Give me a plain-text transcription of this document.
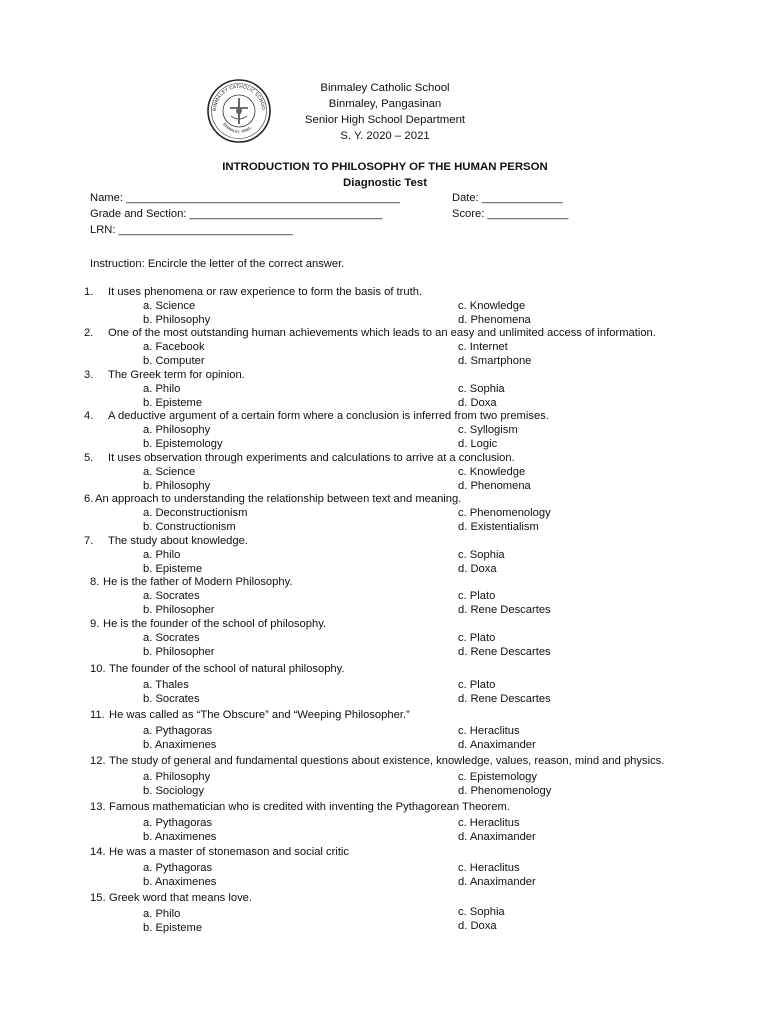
BINMALEY CATHOLIC SCHOO
BINMALEY, PANG.
Binmaley Catholic School
Binmaley, Pangasinan
Senior High School Department
S. Y. 2020 – 2021
INTRODUCTION TO PHILOSOPHY OF THE HUMAN PERSON
Diagnostic Test
Name: ____________________________________________	Date: _____________
Grade and Section: _______________________________	Score: _____________
LRN: ____________________________
Instruction: Encircle the letter of the correct answer.
1. It uses phenomena or raw experience to form the basis of truth.
a. Science
b. Philosophy
c. Knowledge
d. Phenomena
2. One of the most outstanding human achievements which leads to an easy and unlimited access of information.
a. Facebook
b. Computer
c. Internet
d. Smartphone
3. The Greek term for opinion.
a. Philo
b. Episteme
c. Sophia
d. Doxa
4. A deductive argument of a certain form where a conclusion is inferred from two premises.
a. Philosophy
b. Epistemology
c. Syllogism
d. Logic
5. It uses observation through experiments and calculations to arrive at a conclusion.
a. Science
b. Philosophy
c. Knowledge
d. Phenomena
6. An approach to understanding the relationship between text and meaning.
a. Deconstructionism
b. Constructionism
c. Phenomenology
d. Existentialism
7. The study about knowledge.
a. Philo
b. Episteme
c. Sophia
d. Doxa
8. He is the father of Modern Philosophy.
a. Socrates
b. Philosopher
c. Plato
d. Rene Descartes
9. He is the founder of the school of philosophy.
a. Socrates
b. Philosopher
c. Plato
d. Rene Descartes
10. The founder of the school of natural philosophy.
a. Thales
b. Socrates
c. Plato
d. Rene Descartes
11. He was called as “The Obscure” and “Weeping Philosopher.”
a. Pythagoras
b. Anaximenes
c. Heraclitus
d. Anaximander
12. The study of general and fundamental questions about existence, knowledge, values, reason, mind and physics.
a. Philosophy
b. Sociology
c. Epistemology
d. Phenomenology
13. Famous mathematician who is credited with inventing the Pythagorean Theorem.
a. Pythagoras
b. Anaximenes
c. Heraclitus
d. Anaximander
14. He was a master of stonemason and social critic
a. Pythagoras
b. Anaximenes
c. Heraclitus
d. Anaximander
15. Greek word that means love.
a. Philo
b. Episteme
c. Sophia
d. Doxa
